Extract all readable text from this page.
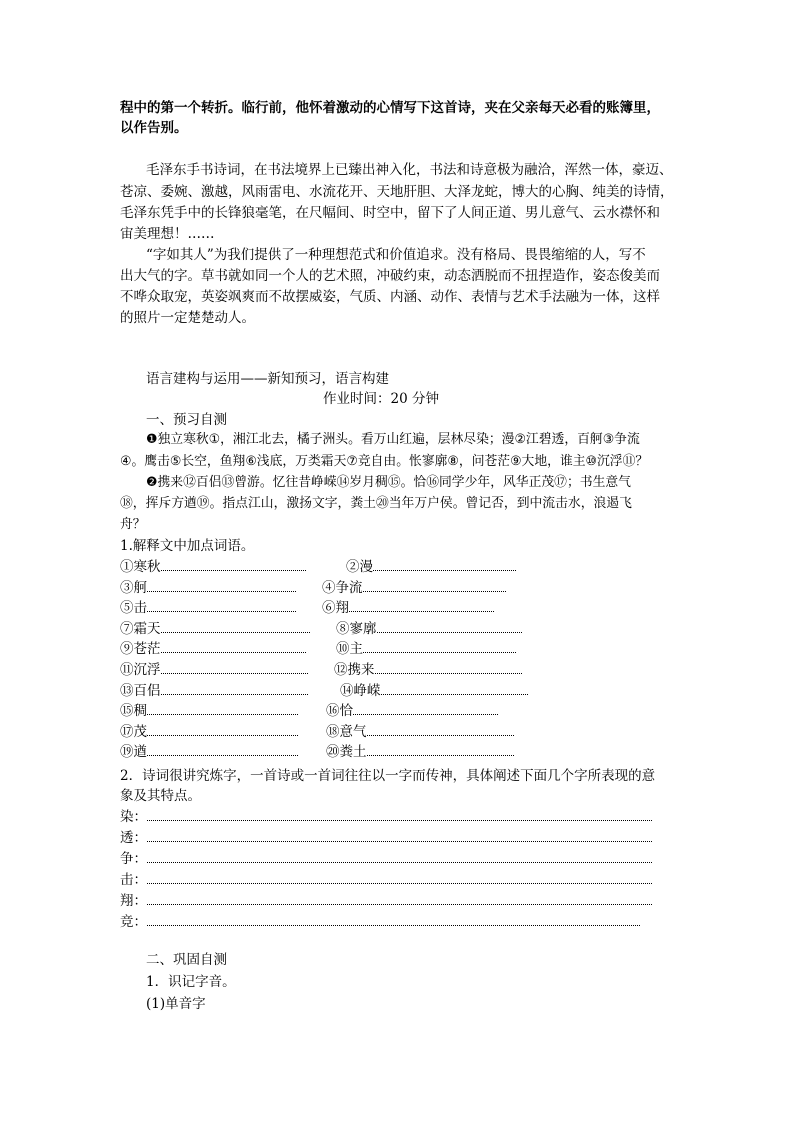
程中的第一个转折。临行前，他怀着激动的心情写下这首诗，夹在父亲每天必看的账簿里，
以作告别。
毛泽东手书诗词，在书法境界上已臻出神入化，书法和诗意极为融洽，浑然一体，豪迈、
苍凉、委婉、激越，风雨雷电、水流花开、天地肝胆、大泽龙蛇，博大的心胸、纯美的诗情，
毛泽东凭手中的长锋狼毫笔，在尺幅间、时空中，留下了人间正道、男儿意气、云水襟怀和
宙美理想！……
“字如其人”为我们提供了一种理想范式和价值追求。没有格局、畏畏缩缩的人，写不
出大气的字。草书就如同一个人的艺术照，冲破约束，动态洒脱而不扭捏造作，姿态俊美而
不哗众取宠，英姿飒爽而不故摆威姿，气质、内涵、动作、表情与艺术手法融为一体，这样
的照片一定楚楚动人。
语言建构与运用——新知预习，语言构建
作业时间：20 分钟
一、预习自测
❶独立寒秋①，湘江北去，橘子洲头。看万山红遍，层林尽染；漫②江碧透，百舸③争流
④。鹰击⑤长空，鱼翔⑥浅底，万类霜天⑦竞自由。怅寥廓⑧，问苍茫⑨大地，谁主⑩沉浮⑪？
❷携来⑫百侣⑬曾游。忆往昔峥嵘⑭岁月稠⑮。恰⑯同学少年，风华正茂⑰；书生意气
⑱，挥斥方遒⑲。指点江山，激扬文字，粪土⑳当年万户侯。曾记否，到中流击水，浪遏飞
舟？
1.解释文中加点词语。
①寒秋
③舸
⑤击
⑦霜天
⑨苍茫
⑪沉浮
⑬百侣
⑮稠
⑰茂
⑲遒
②漫
④争流
⑥翔
⑧寥廓
⑩主
⑫携来
⑭峥嵘
⑯恰
⑱意气
⑳粪土
2．诗词很讲究炼字，一首诗或一首词往往以一字而传神，具体阐述下面几个字所表现的意
象及其特点。
染：
透：
争：
击：
翔：
竞：
二、巩固自测
1．识记字音。
(1)单音字
